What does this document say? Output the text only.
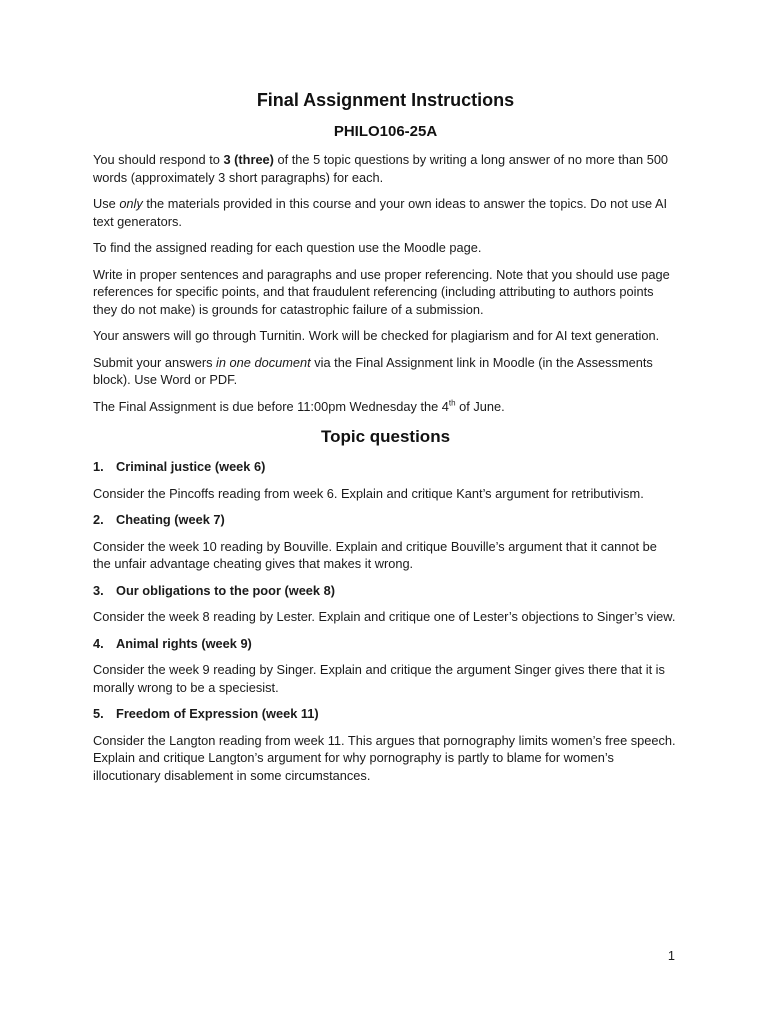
Final Assignment Instructions
PHILO106-25A

You should respond to 3 (three) of the 5 topic questions by writing a long answer of no more than 500 words (approximately 3 short paragraphs) for each.

Use only the materials provided in this course and your own ideas to answer the topics. Do not use AI text generators.

To find the assigned reading for each question use the Moodle page.

Write in proper sentences and paragraphs and use proper referencing. Note that you should use page references for specific points, and that fraudulent referencing (including attributing to authors points they do not make) is grounds for catastrophic failure of a submission.

Your answers will go through Turnitin. Work will be checked for plagiarism and for AI text generation.

Submit your answers in one document via the Final Assignment link in Moodle (in the Assessments block). Use Word or PDF.

The Final Assignment is due before 11:00pm Wednesday the 4th of June.

Topic questions
1. Criminal justice (week 6)

Consider the Pincoffs reading from week 6. Explain and critique Kant’s argument for retributivism.

2. Cheating (week 7)

Consider the week 10 reading by Bouville. Explain and critique Bouville’s argument that it cannot be the unfair advantage cheating gives that makes it wrong.

3. Our obligations to the poor (week 8)

Consider the week 8 reading by Lester. Explain and critique one of Lester’s objections to Singer’s view.

4. Animal rights (week 9)

Consider the week 9 reading by Singer. Explain and critique the argument Singer gives there that it is morally wrong to be a speciesist.

5. Freedom of Expression (week 11)

Consider the Langton reading from week 11. This argues that pornography limits women’s free speech. Explain and critique Langton’s argument for why pornography is partly to blame for women’s illocutionary disablement in some circumstances.

1
